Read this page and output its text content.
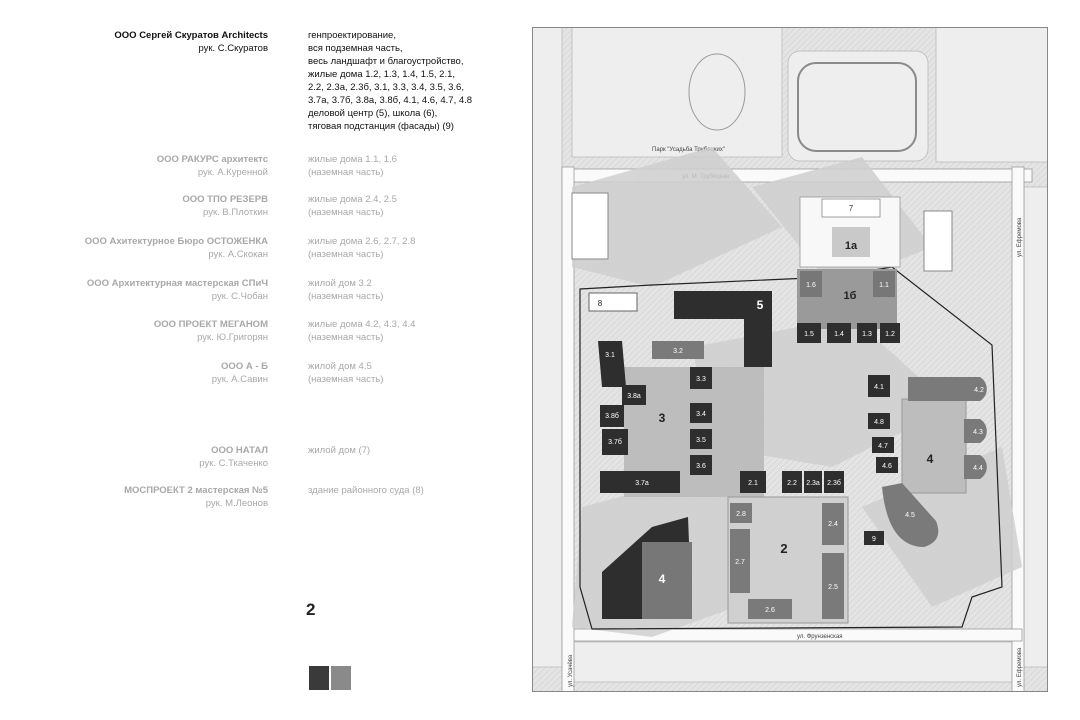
ООО Сергей Скуратов Architects
рук. С.Скуратов
генпроектирование,
вся подземная часть,
весь ландшафт и благоустройство,
жилые дома 1.2, 1.3, 1.4, 1.5, 2.1,
2.2, 2.3а, 2.3б, 3.1, 3.3, 3.4, 3.5, 3.6,
3.7а, 3.7б, 3.8а, 3.8б, 4.1, 4.6, 4.7, 4.8
деловой центр (5), школа (6),
тяговая подстанция (фасады) (9)
ООО РАКУРС архитектс
рук. А.Куренной
жилые дома 1.1, 1.6
(наземная часть)
ООО ТПО РЕЗЕРВ
рук. В.Плоткин
жилые дома 2.4, 2.5
(наземная часть)
ООО Ахитектурное Бюро ОСТОЖЕНКА
рук. А.Скокан
жилые дома 2.6, 2.7, 2.8
(наземная часть)
ООО Архитектурная мастерская СПиЧ
рук. С.Чобан
жилой дом 3.2
(наземная часть)
ООО ПРОЕКТ МЕГАНОМ
рук. Ю.Григорян
жилые дома 4.2, 4.3, 4.4
(наземная часть)
ООО А - Б
рук. А.Савин
жилой дом 4.5
(наземная часть)
ООО НАТАЛ
рук. С.Ткаченко
жилой дом (7)
МОСПРОЕКТ 2 мастерская №5
рук. М.Леонов
здание районного суда (8)
2
ул. Ефремова
ул. Фрунзенская
ул. Усачёва	ул. Ефремова
Парк "Усадьба Трубецких"
7
1а
1б
1.6	1.1
1.5	1.4	1.3 1.2
8	5
3
3.2
3.1
3.8а
3.8б
3.7б
3.3
3.4
3.5
3.6
3.7а
2
2.1	2.2 2.3а 2.3б
2.8
2.7
2.6
2.4
2.5
4
4
4.1
4.8
4.7
4.6
4.2
4.3
4.4
4.5
9
